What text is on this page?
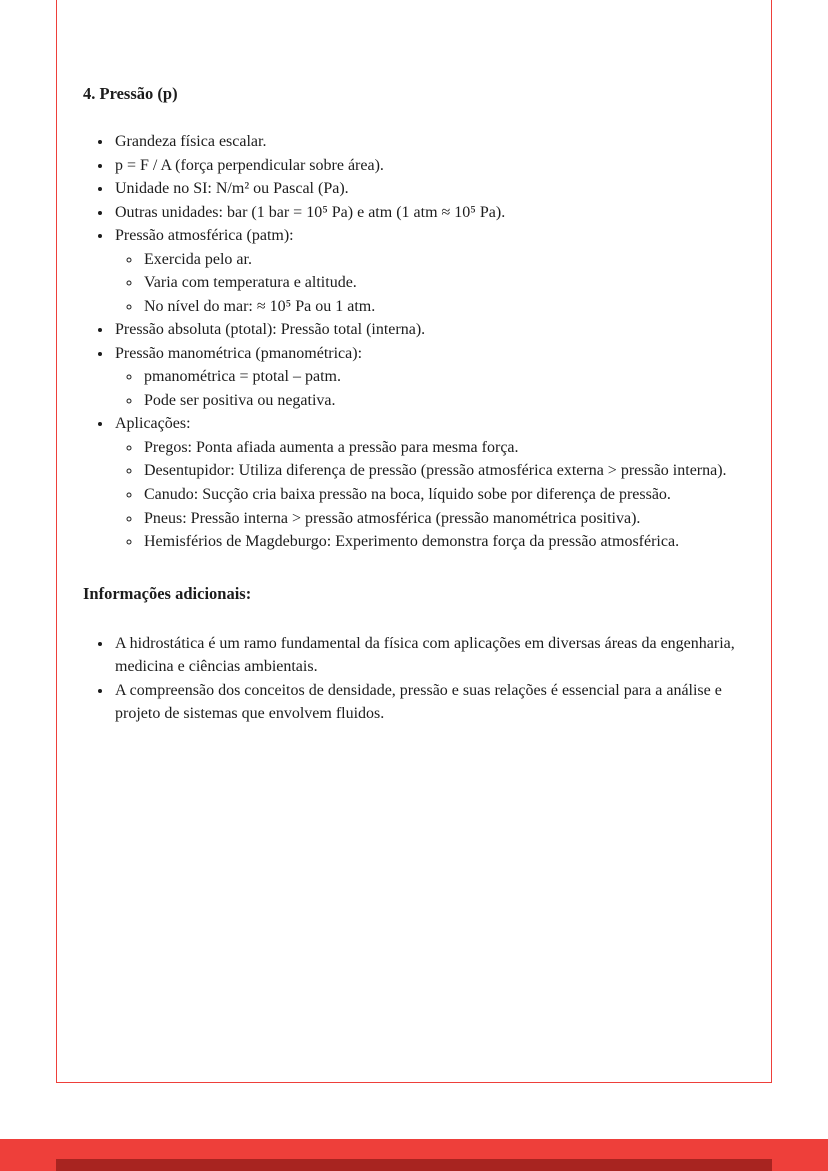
4. Pressão (p)
• Grandeza física escalar.
• p = F / A (força perpendicular sobre área).
• Unidade no SI: N/m² ou Pascal (Pa).
• Outras unidades: bar (1 bar = 10⁵ Pa) e atm (1 atm ≈ 10⁵ Pa).
• Pressão atmosférica (patm):
◦ Exercida pelo ar.
◦ Varia com temperatura e altitude.
◦ No nível do mar: ≈ 10⁵ Pa ou 1 atm.
• Pressão absoluta (ptotal): Pressão total (interna).
• Pressão manométrica (pmanométrica):
◦ pmanométrica = ptotal – patm.
◦ Pode ser positiva ou negativa.
• Aplicações:
◦ Pregos: Ponta afiada aumenta a pressão para mesma força.
◦ Desentupidor: Utiliza diferença de pressão (pressão atmosférica externa > pressão interna).
◦ Canudo: Sucção cria baixa pressão na boca, líquido sobe por diferença de pressão.
◦ Pneus: Pressão interna > pressão atmosférica (pressão manométrica positiva).
◦ Hemisférios de Magdeburgo: Experimento demonstra força da pressão atmosférica.
Informações adicionais:
• A hidrostática é um ramo fundamental da física com aplicações em diversas áreas da engenharia, medicina e ciências ambientais.
• A compreensão dos conceitos de densidade, pressão e suas relações é essencial para a análise e projeto de sistemas que envolvem fluidos.
